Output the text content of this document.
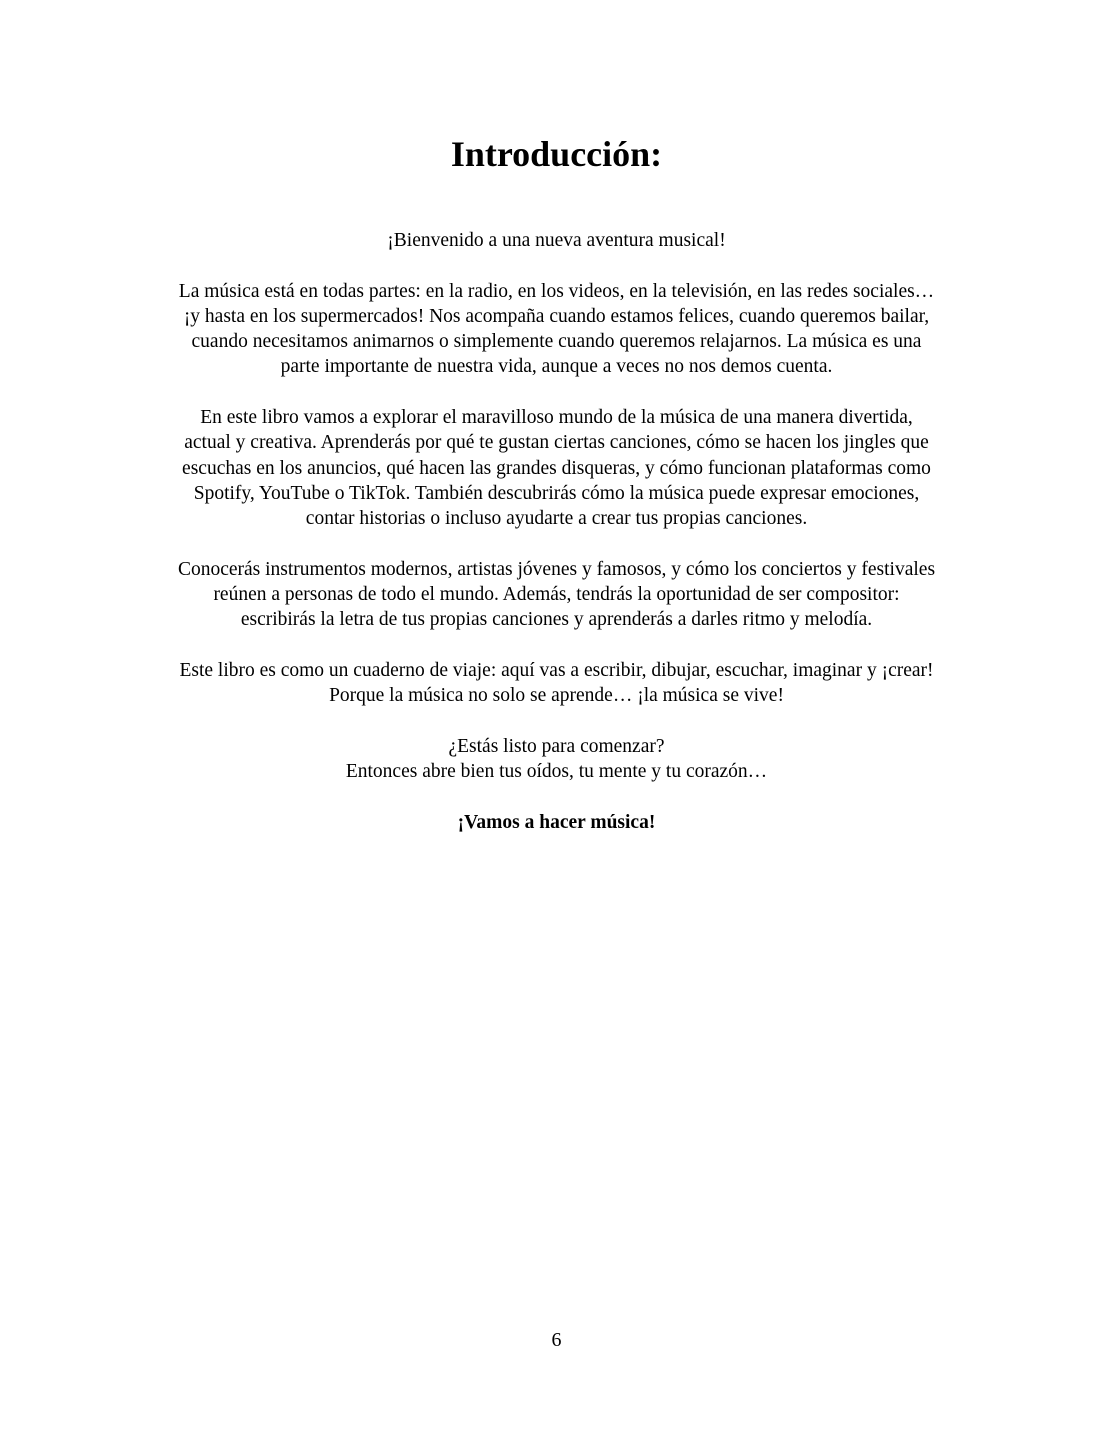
Introducción:

¡Bienvenido a una nueva aventura musical!

La música está en todas partes: en la radio, en los videos, en la televisión, en las redes sociales…
¡y hasta en los supermercados! Nos acompaña cuando estamos felices, cuando queremos bailar,
cuando necesitamos animarnos o simplemente cuando queremos relajarnos. La música es una
parte importante de nuestra vida, aunque a veces no nos demos cuenta.

En este libro vamos a explorar el maravilloso mundo de la música de una manera divertida,
actual y creativa. Aprenderás por qué te gustan ciertas canciones, cómo se hacen los jingles que
escuchas en los anuncios, qué hacen las grandes disqueras, y cómo funcionan plataformas como
Spotify, YouTube o TikTok. También descubrirás cómo la música puede expresar emociones,
contar historias o incluso ayudarte a crear tus propias canciones.

Conocerás instrumentos modernos, artistas jóvenes y famosos, y cómo los conciertos y festivales
reúnen a personas de todo el mundo. Además, tendrás la oportunidad de ser compositor:
escribirás la letra de tus propias canciones y aprenderás a darles ritmo y melodía.

Este libro es como un cuaderno de viaje: aquí vas a escribir, dibujar, escuchar, imaginar y ¡crear!
Porque la música no solo se aprende… ¡la música se vive!

¿Estás listo para comenzar?
Entonces abre bien tus oídos, tu mente y tu corazón…

¡Vamos a hacer música!

6
